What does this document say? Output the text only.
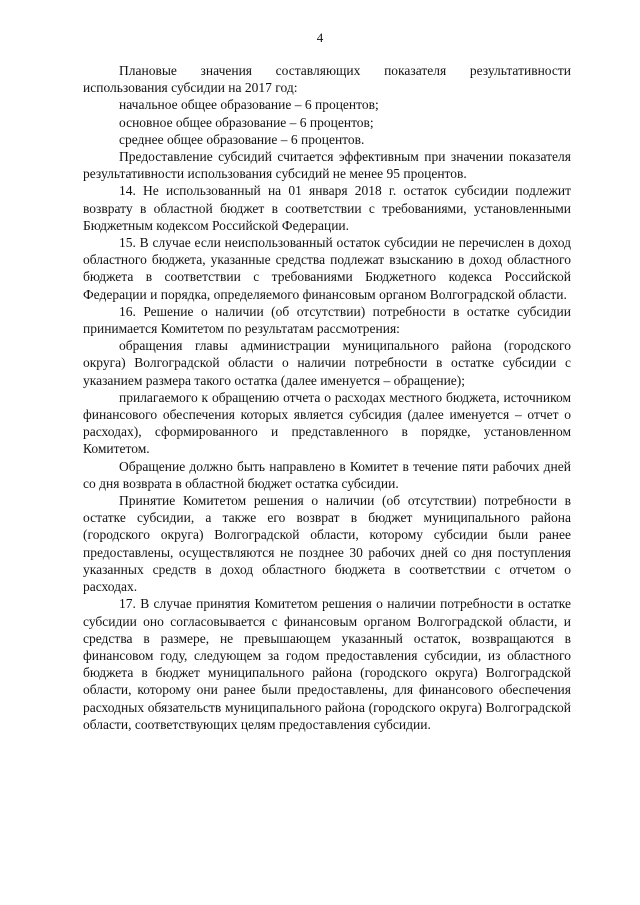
4

Плановые значения составляющих показателя результативности использования субсидии на 2017 год:

начальное общее образование – 6 процентов;

основное общее образование – 6 процентов;

среднее общее образование – 6 процентов.

Предоставление субсидий считается эффективным при значении показателя результативности использования субсидий не менее 95 процентов.

14. Не использованный на 01 января 2018 г. остаток субсидии подлежит возврату в областной бюджет в соответствии с требованиями, установленными Бюджетным кодексом Российской Федерации.

15. В случае если неиспользованный остаток субсидии не перечислен в доход областного бюджета, указанные средства подлежат взысканию в доход областного бюджета в соответствии с требованиями Бюджетного кодекса Российской Федерации и порядка, определяемого финансовым органом Волгоградской области.

16. Решение о наличии (об отсутствии) потребности в остатке субсидии принимается Комитетом по результатам рассмотрения:

обращения главы администрации муниципального района (городского округа) Волгоградской области о наличии потребности в остатке субсидии с указанием размера такого остатка (далее именуется – обращение);

прилагаемого к обращению отчета о расходах местного бюджета, источником финансового обеспечения которых является субсидия (далее именуется – отчет о расходах), сформированного и представленного в порядке, установленном Комитетом.

Обращение должно быть направлено в Комитет в течение пяти рабочих дней со дня возврата в областной бюджет остатка субсидии.

Принятие Комитетом решения о наличии (об отсутствии) потребности в остатке субсидии, а также его возврат в бюджет муниципального района (городского округа) Волгоградской области, которому субсидии были ранее предоставлены, осуществляются не позднее 30 рабочих дней со дня поступления указанных средств в доход областного бюджета в соответствии с отчетом о расходах.

17. В случае принятия Комитетом решения о наличии потребности в остатке субсидии оно согласовывается с финансовым органом Волгоградской области, и средства в размере, не превышающем указанный остаток, возвращаются в финансовом году, следующем за годом предоставления субсидии, из областного бюджета в бюджет муниципального района (городского округа) Волгоградской области, которому они ранее были предоставлены, для финансового обеспечения расходных обязательств муниципального района (городского округа) Волгоградской области, соответствующих целям предоставления субсидии.
